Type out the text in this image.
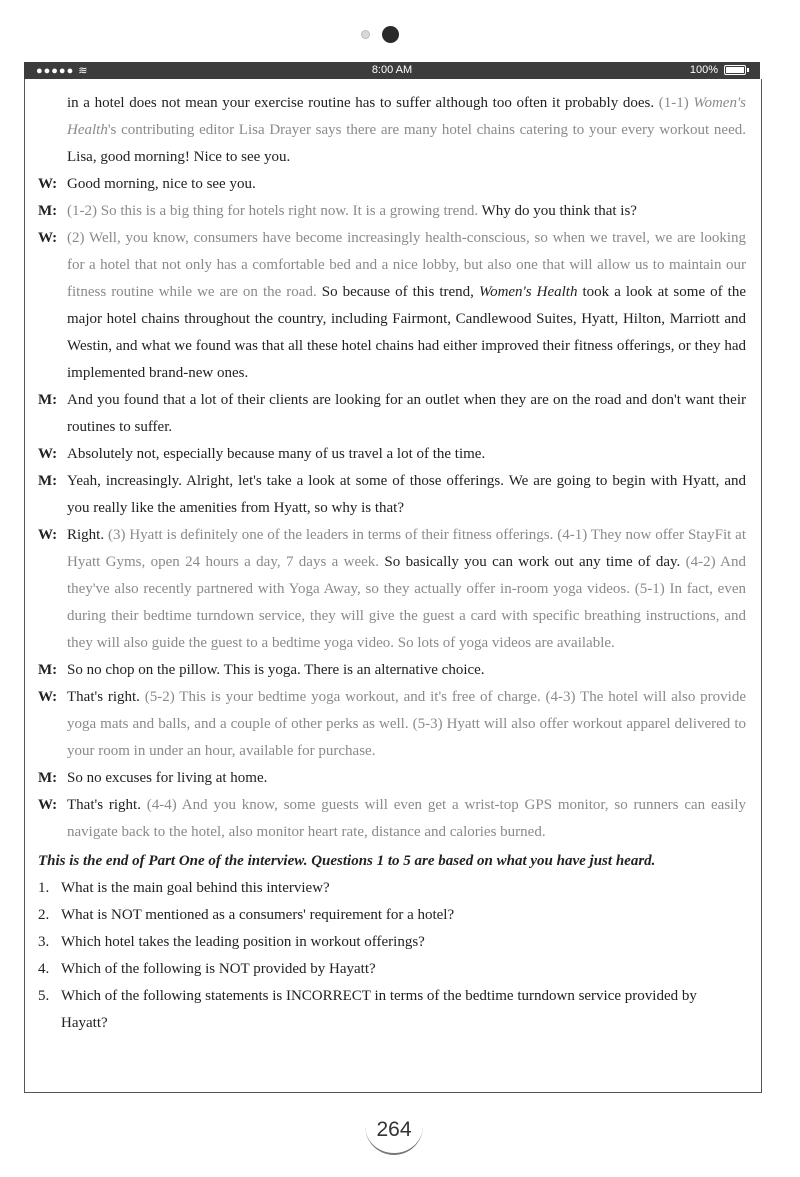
●●●●● ≋	8:00 AM	100%
in a hotel does not mean your exercise routine has to suffer although too often it probably does. (1-1) Women's Health's contributing editor Lisa Drayer says there are many hotel chains catering to your every workout need. Lisa, good morning! Nice to see you.
W: Good morning, nice to see you.
M: (1-2) So this is a big thing for hotels right now. It is a growing trend. Why do you think that is?
W: (2) Well, you know, consumers have become increasingly health-conscious, so when we travel, we are looking for a hotel that not only has a comfortable bed and a nice lobby, but also one that will allow us to maintain our fitness routine while we are on the road. So because of this trend, Women's Health took a look at some of the major hotel chains throughout the country, including Fairmont, Candlewood Suites, Hyatt, Hilton, Marriott and Westin, and what we found was that all these hotel chains had either improved their fitness offerings, or they had implemented brand-new ones.
M: And you found that a lot of their clients are looking for an outlet when they are on the road and don't want their routines to suffer.
W: Absolutely not, especially because many of us travel a lot of the time.
M: Yeah, increasingly. Alright, let's take a look at some of those offerings. We are going to begin with Hyatt, and you really like the amenities from Hyatt, so why is that?
W: Right. (3) Hyatt is definitely one of the leaders in terms of their fitness offerings. (4-1) They now offer StayFit at Hyatt Gyms, open 24 hours a day, 7 days a week. So basically you can work out any time of day. (4-2) And they've also recently partnered with Yoga Away, so they actually offer in-room yoga videos. (5-1) In fact, even during their bedtime turndown service, they will give the guest a card with specific breathing instructions, and they will also guide the guest to a bedtime yoga video. So lots of yoga videos are available.
M: So no chop on the pillow. This is yoga. There is an alternative choice.
W: That's right. (5-2) This is your bedtime yoga workout, and it's free of charge. (4-3) The hotel will also provide yoga mats and balls, and a couple of other perks as well. (5-3) Hyatt will also offer workout apparel delivered to your room in under an hour, available for purchase.
M: So no excuses for living at home.
W: That's right. (4-4) And you know, some guests will even get a wrist-top GPS monitor, so runners can easily navigate back to the hotel, also monitor heart rate, distance and calories burned.
This is the end of Part One of the interview. Questions 1 to 5 are based on what you have just heard.
1. What is the main goal behind this interview?
2. What is NOT mentioned as a consumers' requirement for a hotel?
3. Which hotel takes the leading position in workout offerings?
4. Which of the following is NOT provided by Hayatt?
5. Which of the following statements is INCORRECT in terms of the bedtime turndown service provided by Hayatt?
264
